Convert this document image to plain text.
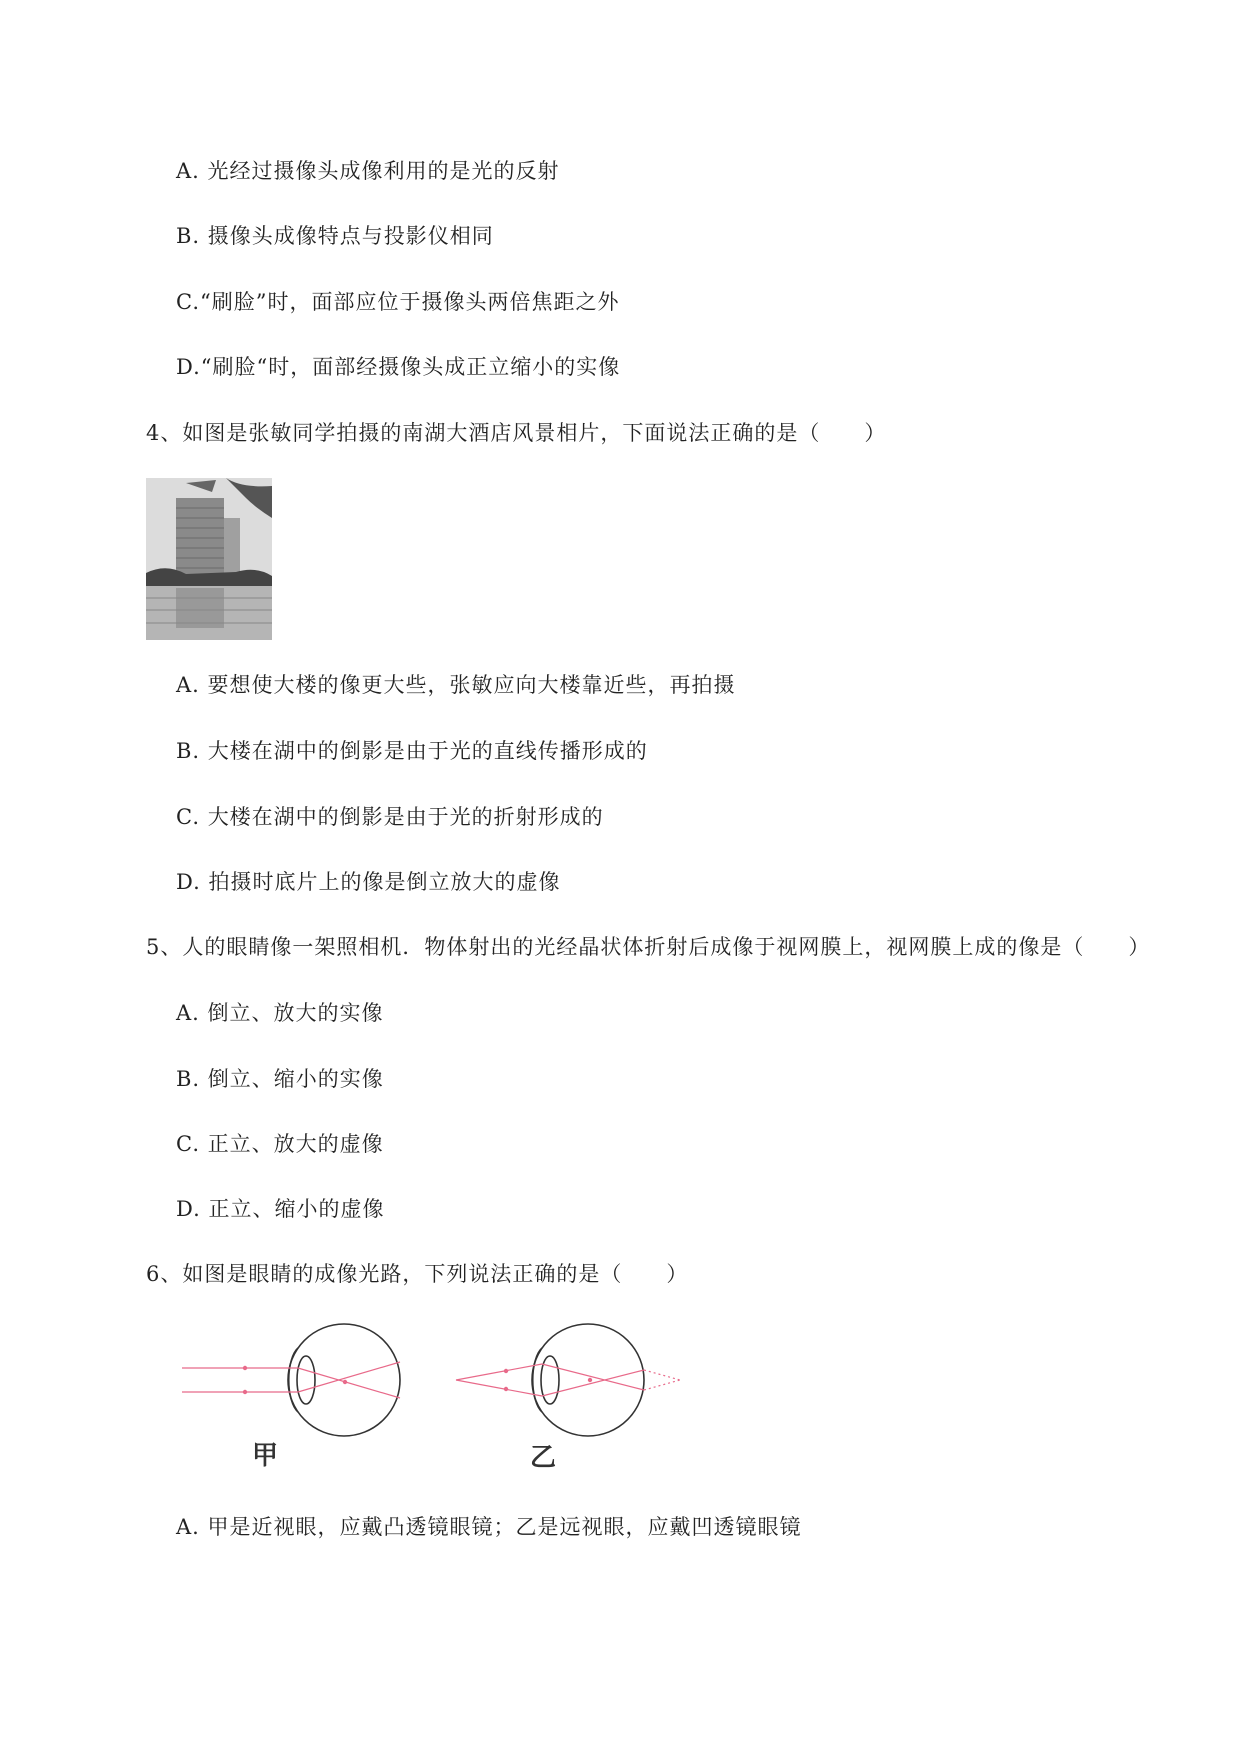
A. 光经过摄像头成像利用的是光的反射
B. 摄像头成像特点与投影仪相同
C.“刷脸”时，面部应位于摄像头两倍焦距之外
D.“刷脸“时，面部经摄像头成正立缩小的实像
4、如图是张敏同学拍摄的南湖大酒店风景相片，下面说法正确的是（　　）
A. 要想使大楼的像更大些，张敏应向大楼靠近些，再拍摄
B. 大楼在湖中的倒影是由于光的直线传播形成的
C. 大楼在湖中的倒影是由于光的折射形成的
D. 拍摄时底片上的像是倒立放大的虚像
5、人的眼睛像一架照相机．物体射出的光经晶状体折射后成像于视网膜上，视网膜上成的像是（　　）
A. 倒立、放大的实像
B. 倒立、缩小的实像
C. 正立、放大的虚像
D. 正立、缩小的虚像
6、如图是眼睛的成像光路，下列说法正确的是（　　）
甲	乙
A. 甲是近视眼，应戴凸透镜眼镜；乙是远视眼，应戴凹透镜眼镜
